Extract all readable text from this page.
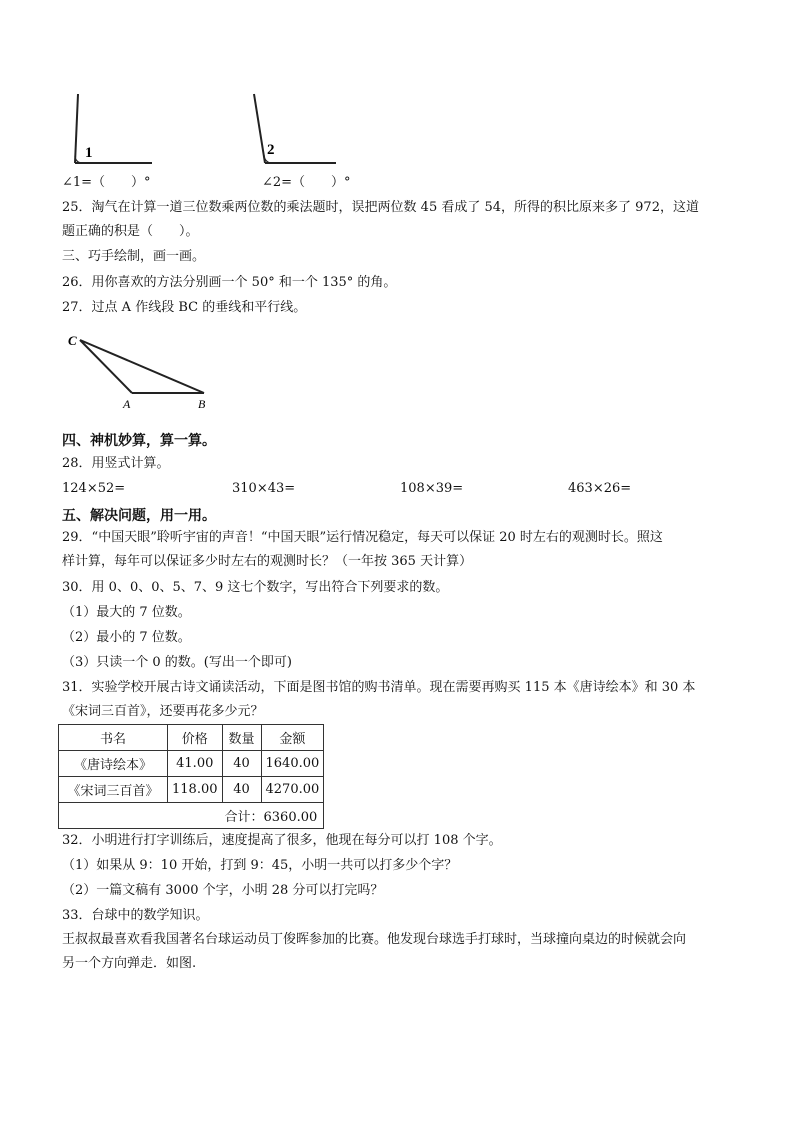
1	2
∠1=（　　）°	∠2=（　　）°
25．淘气在计算一道三位数乘两位数的乘法题时，误把两位数 45 看成了 54，所得的积比原来多了 972，这道
题正确的积是（　　）。
三、巧手绘制，画一画。
26．用你喜欢的方法分别画一个 50° 和一个 135° 的角。
27．过点 A 作线段 BC 的垂线和平行线。
C
A	B
四、神机妙算，算一算。
28．用竖式计算。
124×52=	310×43=	108×39=	463×26=
五、解决问题，用一用。
29．“中国天眼”聆听宇宙的声音！“中国天眼”运行情况稳定，每天可以保证 20 时左右的观测时长。照这
样计算，每年可以保证多少时左右的观测时长？（一年按 365 天计算）
30．用 0、0、0、5、7、9 这七个数字，写出符合下列要求的数。
（1）最大的 7 位数。
（2）最小的 7 位数。
（3）只读一个 0 的数。(写出一个即可)
31．实验学校开展古诗文诵读活动，下面是图书馆的购书清单。现在需要再购买 115 本《唐诗绘本》和 30 本
《宋词三百首》，还要再花多少元？
书名	价格	数量	金额
《唐诗绘本》	41.00	40	1640.00
《宋词三百首》	118.00	40	4270.00
合计：6360.00			
32．小明进行打字训练后，速度提高了很多，他现在每分可以打 108 个字。
（1）如果从 9：10 开始，打到 9：45，小明一共可以打多少个字？
（2）一篇文稿有 3000 个字，小明 28 分可以打完吗？
33．台球中的数学知识。
王叔叔最喜欢看我国著名台球运动员丁俊晖参加的比赛。他发现台球选手打球时，当球撞向桌边的时候就会向
另一个方向弹走．如图.
